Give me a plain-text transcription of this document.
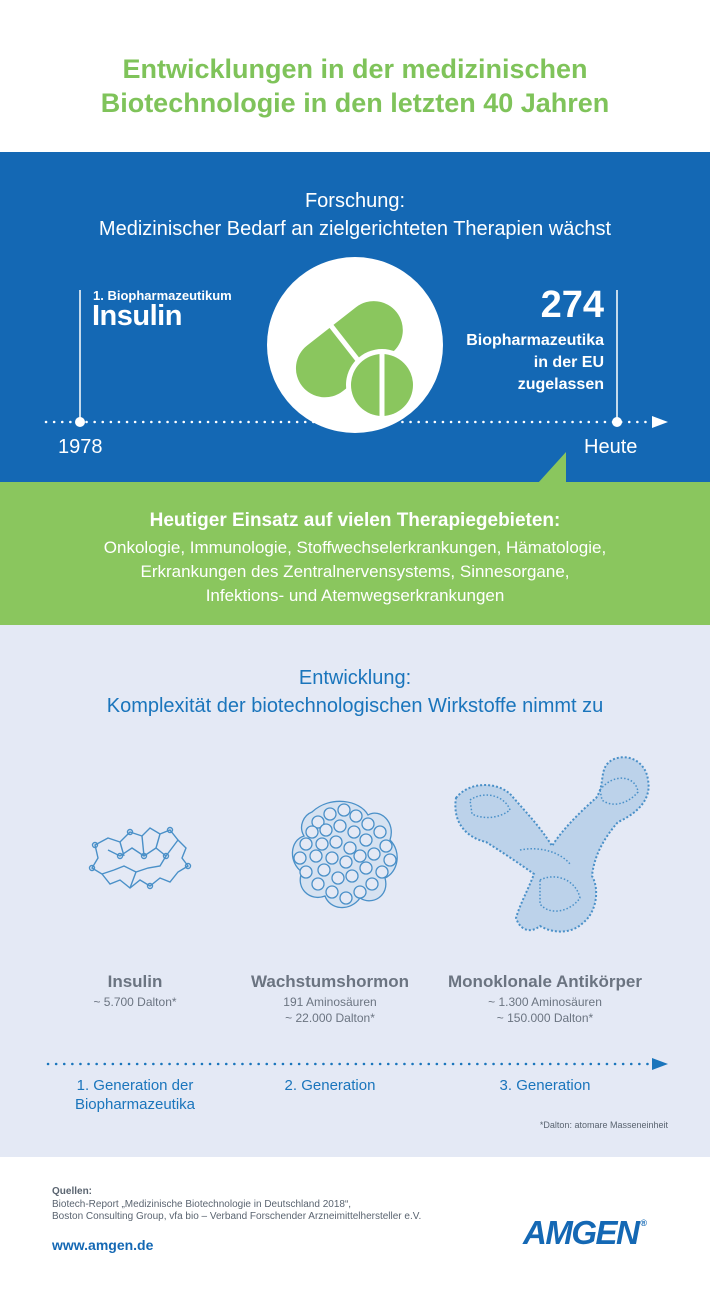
Entwicklungen in der medizinischen
Biotechnologie in den letzten 40 Jahren
Forschung:
Medizinischer Bedarf an zielgerichteten Therapien wächst
1. Biopharmazeutikum
Insulin	274
Biopharmazeutika
in der EU
zugelassen
1978	Heute
Heutiger Einsatz auf vielen Therapiegebieten:
Onkologie, Immunologie, Stoffwechselerkrankungen, Hämatologie,
Erkrankungen des Zentralnervensystems, Sinnesorgane,
Infektions- und Atemwegserkrankungen
Entwicklung:
Komplexität der biotechnologischen Wirkstoffe nimmt zu
Insulin
~ 5.700 Dalton*
Wachstumshormon
191 Aminosäuren
~ 22.000 Dalton*
Monoklonale Antikörper
~ 1.300 Aminosäuren
~ 150.000 Dalton*
1. Generation der
Biopharmazeutika
2. Generation	3. Generation
*Dalton: atomare Masseneinheit
Quellen:
Biotech-Report „Medizinische Biotechnologie in Deutschland 2018“,
Boston Consulting Group, vfa bio – Verband Forschender Arzneimittelhersteller e.V.
www.amgen.de	AMGEN ®
